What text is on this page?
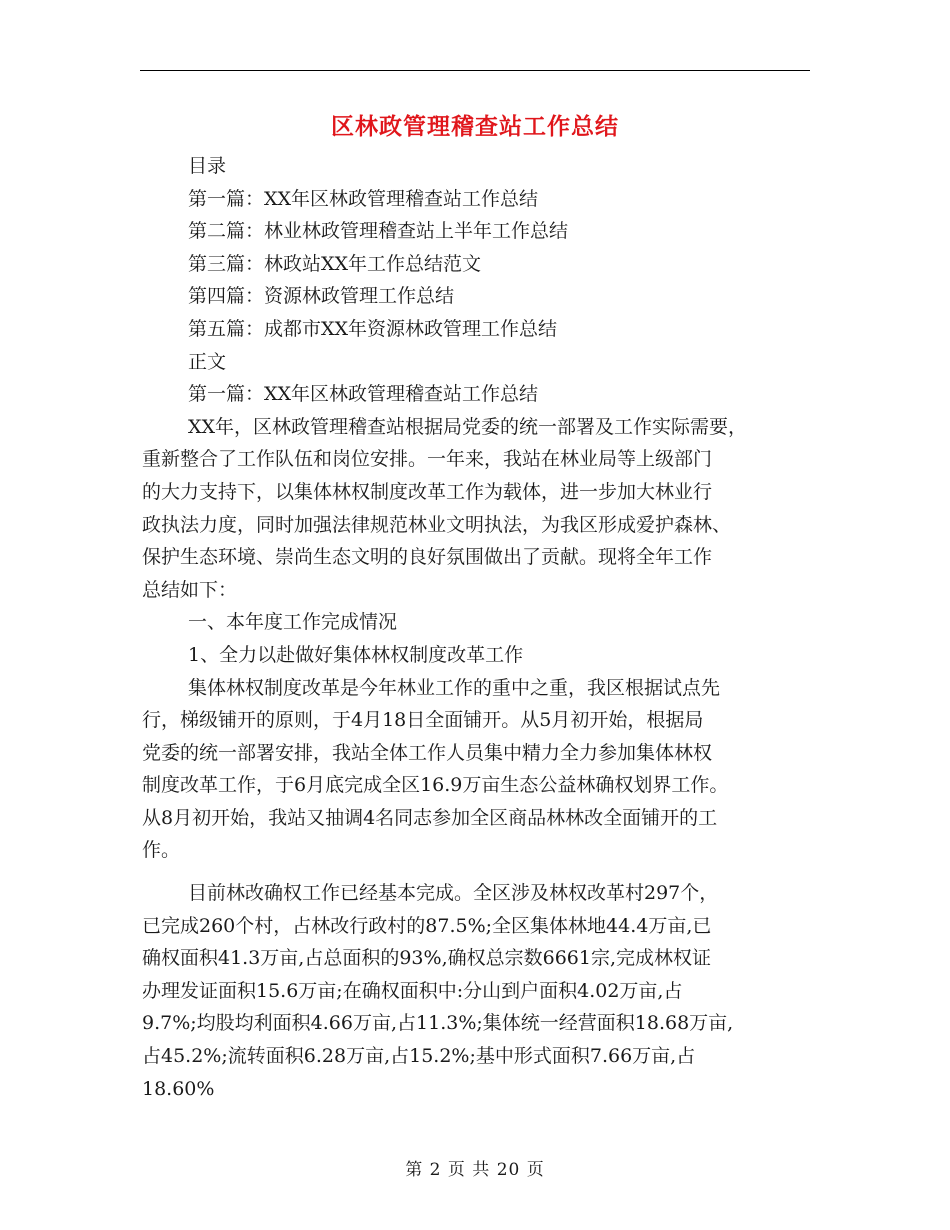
区林政管理稽查站工作总结
目录
第一篇：XX年区林政管理稽查站工作总结
第二篇：林业林政管理稽查站上半年工作总结
第三篇：林政站XX年工作总结范文
第四篇：资源林政管理工作总结
第五篇：成都市XX年资源林政管理工作总结
正文
第一篇：XX年区林政管理稽查站工作总结
XX年，区林政管理稽查站根据局党委的统一部署及工作实际需要，
重新整合了工作队伍和岗位安排。一年来，我站在林业局等上级部门
的大力支持下，以集体林权制度改革工作为载体，进一步加大林业行
政执法力度，同时加强法律规范林业文明执法，为我区形成爱护森林、
保护生态环境、崇尚生态文明的良好氛围做出了贡献。现将全年工作
总结如下：
一、本年度工作完成情况
1、全力以赴做好集体林权制度改革工作
集体林权制度改革是今年林业工作的重中之重，我区根据试点先
行，梯级铺开的原则，于4月18日全面铺开。从5月初开始，根据局
党委的统一部署安排，我站全体工作人员集中精力全力参加集体林权
制度改革工作，于6月底完成全区16.9万亩生态公益林确权划界工作。
从8月初开始，我站又抽调4名同志参加全区商品林林改全面铺开的工
作。
目前林改确权工作已经基本完成。全区涉及林权改革村297个，
已完成260个村，占林改行政村的87.5%;全区集体林地44.4万亩,已
确权面积41.3万亩,占总面积的93%,确权总宗数6661宗,完成林权证
办理发证面积15.6万亩;在确权面积中:分山到户面积4.02万亩,占
9.7%;均股均利面积4.66万亩,占11.3%;集体统一经营面积18.68万亩,
占45.2%;流转面积6.28万亩,占15.2%;基中形式面积7.66万亩,占
18.60%
第 2 页 共 20 页
